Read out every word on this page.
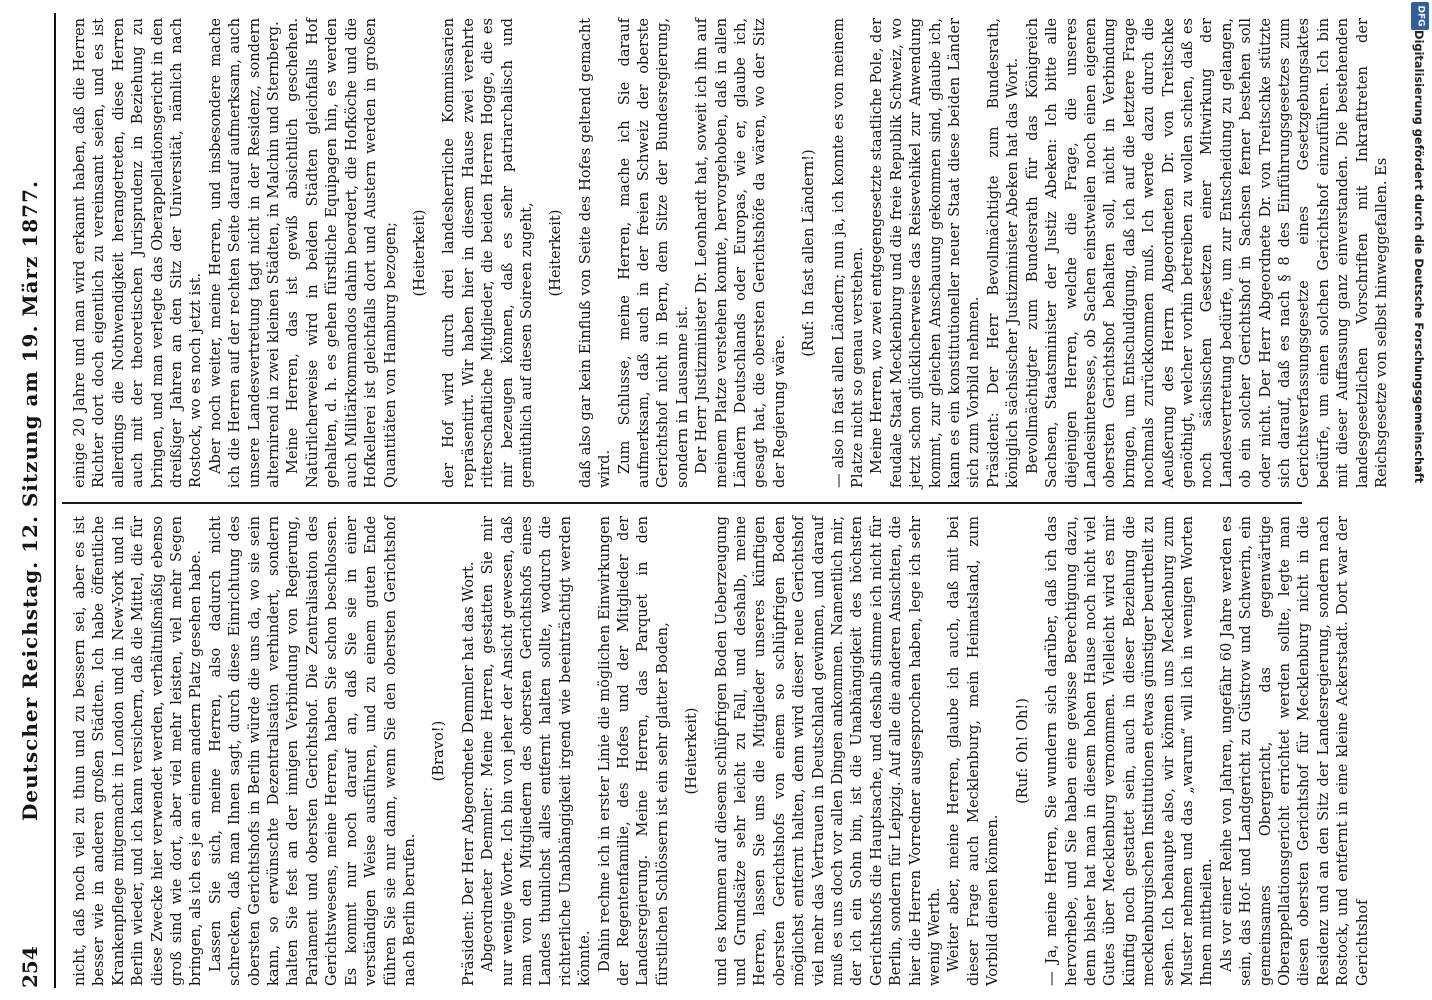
254
Deutscher Reichstag. 12. Sitzung am 19. März 1877. nicht, daß noch viel zu thun und zu bessern sei, aber es ist besser wie in anderen großen Städten. Ich habe öffentliche Krankenpflege mitgemacht in London und in New-York und in Berlin wieder, und ich kann versichern, daß die Mittel, die für diese Zwecke hier verwendet werden, verhältnißmäßig ebenso groß sind wie dort, aber viel mehr leisten, viel mehr Segen bringen, als ich es je an einem andern Platz gesehen habe. Lassen Sie sich, meine Herren, also dadurch nicht schrecken, daß man Ihnen sagt, durch diese Einrichtung des obersten Gerichtshofs in Berlin würde die uns da, wo sie sein kann, so erwünschte Dezentralisation verhindert, sondern halten Sie fest an der innigen Verbindung von Regierung, Parlament und obersten Gerichtshof. Die Zentralisation des Gerichtswesens, meine Herren, haben Sie schon beschlossen. Es kommt nur noch darauf an, daß Sie sie in einer verständigen Weise ausführen, und zu einem guten Ende führen Sie sie nur dann, wenn Sie den obersten Gerichtshof nach Berlin berufen.

(Bravo!) Präsident: Der Herr Abgeordnete Demmler hat das Wort. Abgeordneter Demmler: Meine Herren, gestatten Sie mir nur wenige Worte. Ich bin von jeher der Ansicht gewesen, daß man von den Mitgliedern des obersten Gerichtshofs eines Landes thunlichst alles entfernt halten sollte, wodurch die richterliche Unabhängigkeit irgend wie beeinträchtigt werden könnte. Dahin rechne ich in erster Linie die möglichen Einwirkungen der Regentenfamilie, des Hofes und der Mitglieder der Landesregierung. Meine Herren, das Parquet in den fürstlichen Schlössern ist ein sehr glatter Boden, (Heiterkeit) und es kommen auf diesem schlüpfrigen Boden Ueberzeugung und Grundsätze sehr leicht zu Fall, und deshalb, meine Herren, lassen Sie uns die Mitglieder unseres künftigen obersten Gerichtshofs von einem so schlüpfrigen Boden möglichst entfernt halten, denn wird dieser neue Gerichtshof viel mehr das Vertrauen in Deutschland gewinnen, und darauf muß es uns doch vor allen Dingen ankommen. Namentlich mir, der ich ein Sohn bin, ist die Unabhängigkeit des höchsten Gerichtshofs die Hauptsache, und deshalb stimme ich nicht für Berlin, sondern für Leipzig. Auf alle die anderen Ansichten, die hier die Herren Vorredner ausgesprochen haben, lege ich sehr wenig Werth. Weiter aber, meine Herren, glaube ich auch, daß mit bei dieser Frage auch Mecklenburg, mein Heimatsland, zum Vorbild dienen können.

(Ruf: Oh! Oh!) — Ja, meine Herren, Sie wundern sich darüber, daß ich das hervorhebe, und Sie haben eine gewisse Berechtigung dazu, denn bisher hat man in diesem hohen Hause noch nicht viel Gutes über Mecklenburg vernommen. Vielleicht wird es mir künftig noch gestattet sein, auch in dieser Beziehung die mecklenburgischen Institutionen etwas günstiger beurtheilt zu sehen. Ich behaupte also, wir können uns Mecklenburg zum Muster nehmen und das „warum“ will ich in wenigen Worten Ihnen mittheilen. Als vor einer Reihe von Jahren, ungefähr 60 Jahre werden es sein, das Hof- und Landgericht zu Güstrow und Schwerin, ein gemeinsames Obergericht, das gegenwärtige Oberappellationsgericht errichtet werden sollte, legte man diesen obersten Gerichtshof für Mecklenburg nicht in die Residenz und an den Sitz der Landesregierung, sondern nach Rostock, und entfernt in eine kleine Ackerstadt. Dort war der Gerichtshof

einige 20 Jahre und man wird erkannt haben, daß die Herren Richter dort doch eigentlich zu vereinsamt seien, und es ist allerdings die Nothwendigkeit herangetreten, diese Herren auch mit der theoretischen Jurisprudenz in Beziehung zu bringen, und man verlegte das Oberappellationsgericht in den dreißiger Jahren an den Sitz der Universität, nämlich nach Rostock, wo es noch jetzt ist. Aber noch weiter, meine Herren, und insbesondere mache ich die Herren auf der rechten Seite darauf aufmerksam, auch unsere Landesvertretung tagt nicht in der Residenz, sondern alternirend in zwei kleinen Städten, in Malchin und Sternberg. Meine Herren, das ist gewiß absichtlich geschehen. Natürlicherweise wird in beiden Städten gleichfalls Hof gehalten, d. h. es gehen fürstliche Equipagen hin, es werden auch Militärkommandos dahin beordert, die Hofköche und die Hofkellerei ist gleichfalls dort und Austern werden in großen Quantitäten von Hamburg bezogen; (Heiterkeit) der Hof wird durch drei landesherrliche Kommissarien repräsentirt. Wir haben hier in diesem Hause zwei verehrte ritterschaftliche Mitglieder, die beiden Herren Hogge, die es mir bezeugen können, daß es sehr patriarchalisch und gemüthlich auf diesen Soireen zugeht, (Heiterkeit) daß also gar kein Einfluß von Seite des Hofes geltend gemacht wird. Zum Schlusse, meine Herren, mache ich Sie darauf aufmerksam, daß auch in der freien Schweiz der oberste Gerichtshof nicht in Bern, dem Sitze der Bundesregierung, sondern in Lausanne ist. Der Herr Justizminister Dr. Leonhardt hat, soweit ich ihn auf meinem Platze verstehen konnte, hervorgehoben, daß in allen Ländern Deutschlands oder Europas, wie er, glaube ich, gesagt hat, die obersten Gerichtshöfe da wären, wo der Sitz der Regierung wäre.

(Ruf: In fast allen Ländern!) — also in fast allen Ländern; nun ja, ich konnte es von meinem Platze nicht so genau verstehen. Meine Herren, wo zwei entgegengesetzte staatliche Pole, der feudale Staat Mecklenburg und die freie Republik Schweiz, wo jetzt schon glücklicherweise das Reisevehikel zur Anwendung kommt, zur gleichen Anschauung gekommen sind, glaube ich, kann es ein konstitutioneller neuer Staat diese beiden Länder sich zum Vorbild nehmen. Präsident: Der Herr Bevollmächtigte zum Bundesrath, königlich sächsischer Justizminister Abeken hat das Wort. Bevollmächtigter zum Bundesrath für das Königreich Sachsen, Staatsminister der Justiz Abeken: Ich bitte alle diejenigen Herren, welche die Frage, die unseres Landesinteresses, ob Sachen einstweilen noch einen eigenen obersten Gerichtshof behalten soll, nicht in Verbindung bringen, um Entschuldigung, daß ich auf die letztere Frage nochmals zurückkommen muß. Ich werde dazu durch die Aeußerung des Herrn Abgeordneten Dr. von Treitschke genöthigt, welcher vorhin betreiben zu wollen schien, daß es noch sächsischen Gesetzen einer Mitwirkung der Landesvertretung bedürfe, um zur Entscheidung zu gelangen, ob ein solcher Gerichtshof in Sachsen ferner bestehen soll oder nicht. Der Herr Abgeordnete Dr. von Treitschke stützte sich darauf, daß es nach § 8 des Einführungsgesetzes zum Gerichtsverfassungsgesetze eines Gesetzgebungsaktes bedürfe, um einen solchen Gerichtshof einzuführen. Ich bin mit dieser Auffassung ganz einverstanden. Die bestehenden landesgesetzlichen Vorschriften mit Inkrafttreten der Reichsgesetze von selbst hinweggefallen. Es Digitalisierung gefördert durch die Deutsche Forschungsgemeinschaft
DFG
